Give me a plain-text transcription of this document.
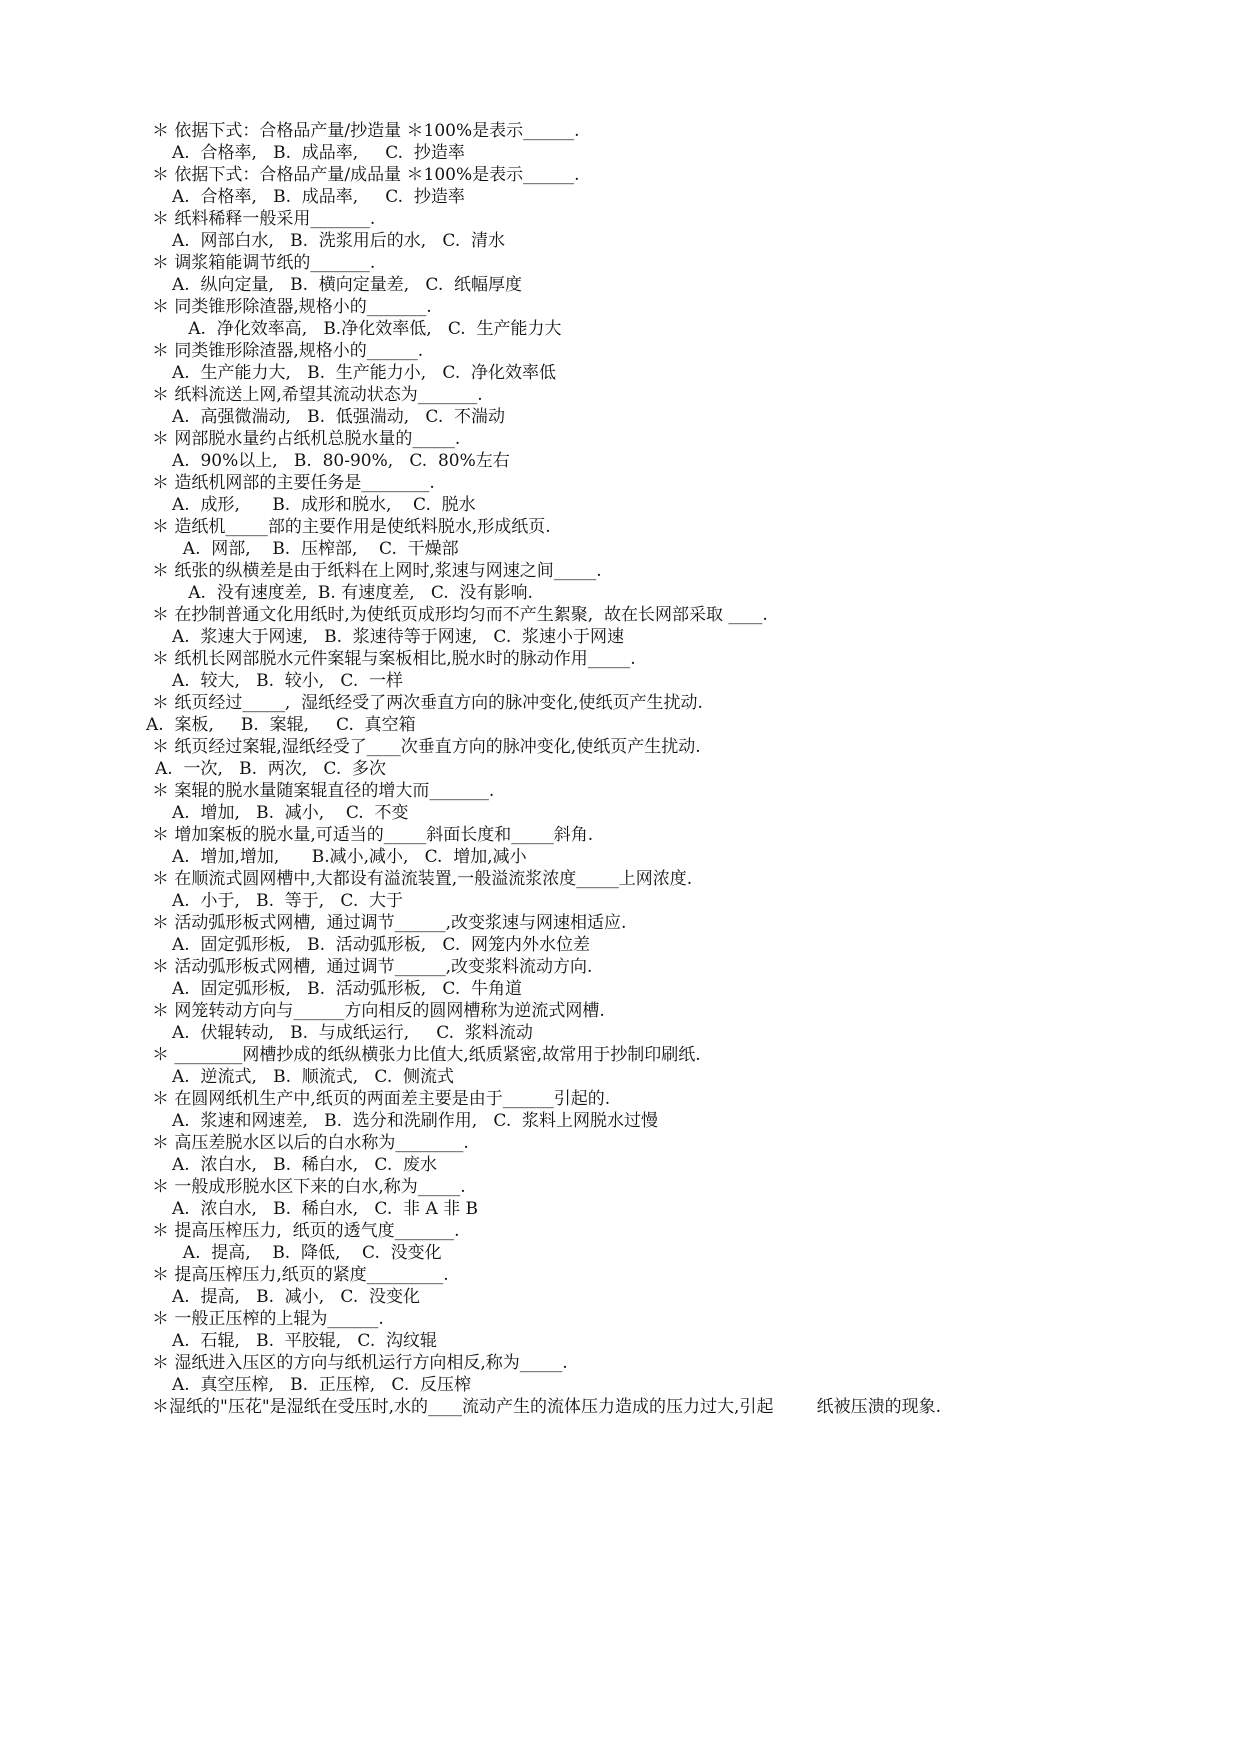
＊ 依据下式：合格品产量/抄造量 ＊100%是表示______.
A.  合格率,   B.  成品率,     C.  抄造率
＊ 依据下式：合格品产量/成品量 ＊100%是表示______.
A.  合格率,   B.  成品率,     C.  抄造率
＊ 纸料稀释一般采用_______.
A.  网部白水,   B.  洗浆用后的水,   C.  清水
＊ 调浆箱能调节纸的_______.
A.  纵向定量,   B.  横向定量差,   C.  纸幅厚度
＊ 同类锥形除渣器,规格小的_______.
A.  净化效率高,   B.净化效率低,   C.  生产能力大
＊ 同类锥形除渣器,规格小的______.
A.  生产能力大,   B.  生产能力小,   C.  净化效率低
＊ 纸料流送上网,希望其流动状态为_______.
A.  高强微湍动,   B.  低强湍动,   C.  不湍动
＊ 网部脱水量约占纸机总脱水量的_____.
A.  90%以上,   B.  80-90%,   C.  80%左右
＊ 造纸机网部的主要任务是________.
A.  成形,      B.  成形和脱水,    C.  脱水
＊ 造纸机_____部的主要作用是使纸料脱水,形成纸页.
A.  网部,    B.  压榨部,    C.  干燥部
＊ 纸张的纵横差是由于纸料在上网时,浆速与网速之间_____.
A.  没有速度差,  B. 有速度差,   C.  没有影响.
＊ 在抄制普通文化用纸时,为使纸页成形均匀而不产生絮聚,  故在长网部采取 ____.
A.  浆速大于网速,   B.  浆速待等于网速,   C.  浆速小于网速
＊ 纸机长网部脱水元件案辊与案板相比,脱水时的脉动作用_____.
A.  较大,   B.  较小,   C.  一样
＊ 纸页经过_____,  湿纸经受了两次垂直方向的脉冲变化,使纸页产生扰动.
A.  案板,     B.  案辊,     C.  真空箱
＊ 纸页经过案辊,湿纸经受了____次垂直方向的脉冲变化,使纸页产生扰动.
A.  一次,   B.  两次,   C.  多次
＊ 案辊的脱水量随案辊直径的增大而_______.
A.  增加,   B.  减小,    C.  不变
＊ 增加案板的脱水量,可适当的_____斜面长度和_____斜角.
A.  增加,增加,      B.减小,减小,   C.  增加,减小
＊ 在顺流式圆网槽中,大都设有溢流装置,一般溢流浆浓度_____上网浓度.
A.  小于,   B.  等于,   C.  大于
＊ 活动弧形板式网槽,  通过调节______,改变浆速与网速相适应.
A.  固定弧形板,   B.  活动弧形板,   C.  网笼内外水位差
＊ 活动弧形板式网槽,  通过调节______,改变浆料流动方向.
A.  固定弧形板,   B.  活动弧形板,   C.  牛角道
＊ 网笼转动方向与______方向相反的圆网槽称为逆流式网槽.
A.  伏辊转动,   B.  与成纸运行,     C.  浆料流动
＊ ________网槽抄成的纸纵横张力比值大,纸质紧密,故常用于抄制印刷纸.
A.  逆流式,   B.  顺流式,   C.  侧流式
＊ 在圆网纸机生产中,纸页的两面差主要是由于______引起的.
A.  浆速和网速差,   B.  选分和洗刷作用,   C.  浆料上网脱水过慢
＊ 高压差脱水区以后的白水称为________.
A.  浓白水,   B.  稀白水,   C.  废水
＊ 一般成形脱水区下来的白水,称为_____.
A.  浓白水,   B.  稀白水,   C.  非 A 非 B
＊ 提高压榨压力,  纸页的透气度_______.
A.  提高,    B.  降低,    C.  没变化
＊ 提高压榨压力,纸页的紧度_________.
A.  提高,   B.  减小,   C.  没变化
＊ 一般正压榨的上辊为______.
A.  石辊,   B.  平胶辊,   C.  沟纹辊
＊ 湿纸进入压区的方向与纸机运行方向相反,称为_____.
A.  真空压榨,   B.  正压榨,   C.  反压榨
＊湿纸的"压花"是湿纸在受压时,水的____流动产生的流体压力造成的压力过大,引起        纸被压溃的现象.
